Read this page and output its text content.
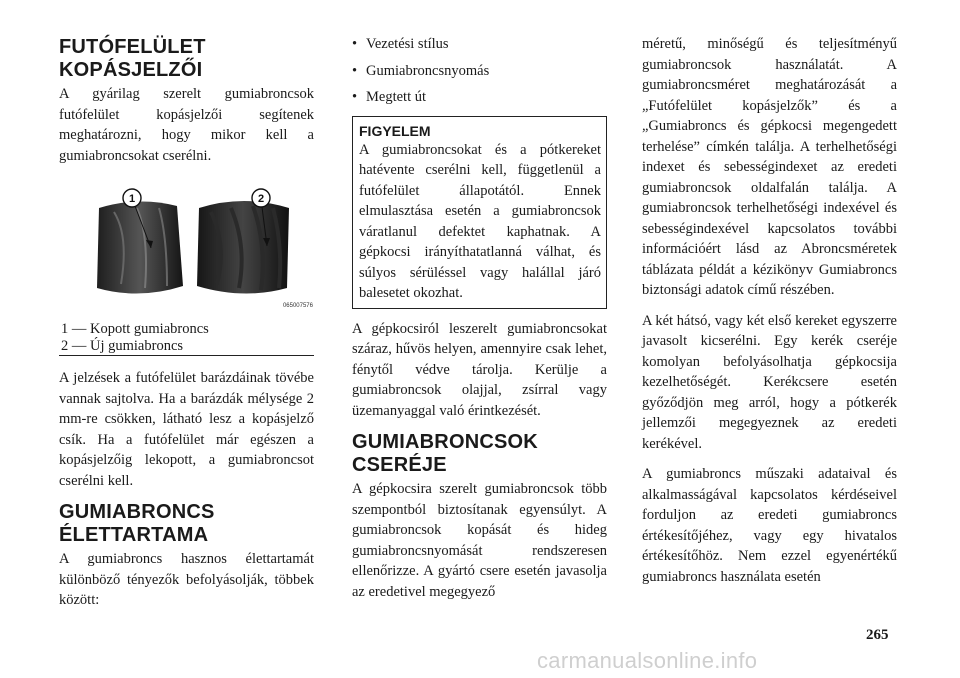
FUTÓFELÜLET KOPÁSJELZŐI

A gyárilag szerelt gumiabroncsok futófelület kopásjelzői segítenek meghatározni, hogy mikor kell a gumiabroncsokat cserélni.

1	2
065007576
1 — Kopott gumiabroncs
2 — Új gumiabroncs

A jelzések a futófelület barázdáinak tövébe vannak sajtolva. Ha a barázdák mélysége 2 mm-re csökken, látható lesz a kopásjelző csík. Ha a futófelület már egészen a kopásjelzőig lekopott, a gumiabroncsot cserélni kell.

GUMIABRONCS ÉLETTARTAMA

A gumiabroncs hasznos élettartamát különböző tényezők befolyásolják, többek között:

• Vezetési stílus
• Gumiabroncsnyomás
• Megtett út
FIGYELEM

A gumiabroncsokat és a pótkereket hatévente cserélni kell, függetlenül a futófelület állapotától. Ennek elmulasztása esetén a gumiabroncsok váratlanul defektet kaphatnak. A gépkocsi irányíthatatlanná válhat, és súlyos sérüléssel vagy halállal járó balesetet okozhat.

A gépkocsiról leszerelt gumiabroncsokat száraz, hűvös helyen, amennyire csak lehet, fénytől védve tárolja. Kerülje a gumiabroncsok olajjal, zsírral vagy üzemanyaggal való érintkezését.

GUMIABRONCSOK CSERÉJE

A gépkocsira szerelt gumiabroncsok több szempontból biztosítanak egyensúlyt. A gumiabroncsok kopását és hideg gumiabroncsnyomását rendszeresen ellenőrizze. A gyártó csere esetén javasolja az eredetivel megegyező

méretű, minőségű és teljesítményű gumiabroncsok használatát. A gumiabroncsméret meghatározását a „Futófelület kopásjelzők” és a „Gumiabroncs és gépkocsi megengedett terhelése” címkén találja. A terhelhetőségi indexet és sebességindexet az eredeti gumiabroncsok oldalfalán találja. A gumiabroncsok terhelhetőségi indexével és sebességindexével kapcsolatos további információért lásd az Abroncsméretek táblázata példát a kézikönyv Gumiabroncs biztonsági adatok című részében.

A két hátsó, vagy két első kereket egyszerre javasolt kicserélni. Egy kerék cseréje komolyan befolyásolhatja gépkocsija kezelhetőségét. Kerékcsere esetén győződjön meg arról, hogy a pótkerék jellemzői megegyeznek az eredeti kerékével.

A gumiabroncs műszaki adataival és alkalmasságával kapcsolatos kérdéseivel forduljon az eredeti gumiabroncs értékesítőjéhez, vagy egy hivatalos értékesítőhöz. Nem ezzel egyenértékű gumiabroncs használata esetén

265
carmanualsonline.info
